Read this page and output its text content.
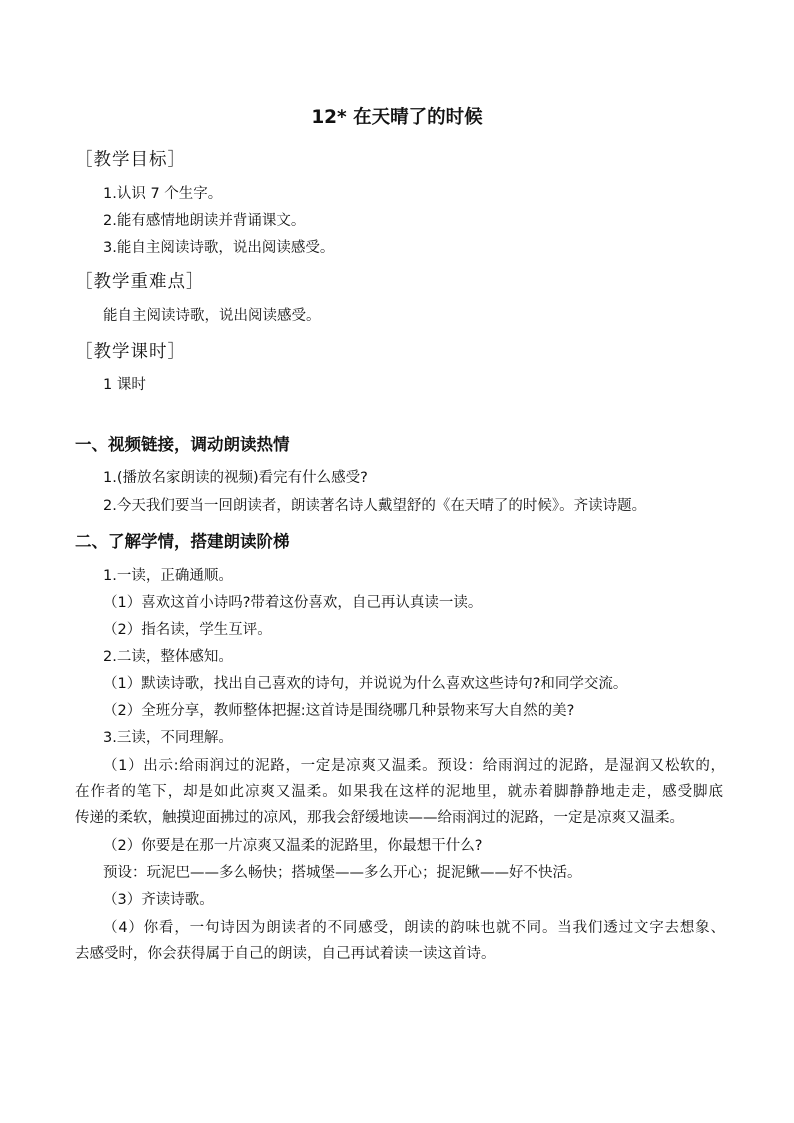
12* 在天晴了的时候
［教学目标］
1.认识 7 个生字。
2.能有感情地朗读并背诵课文。
3.能自主阅读诗歌，说出阅读感受。
［教学重难点］
能自主阅读诗歌，说出阅读感受。
［教学课时］
1 课时
一、视频链接，调动朗读热情
1.(播放名家朗读的视频)看完有什么感受?
2.今天我们要当一回朗读者，朗读著名诗人戴望舒的《在天晴了的时候》。齐读诗题。
二、了解学情，搭建朗读阶梯
1.一读，正确通顺。
（1）喜欢这首小诗吗?带着这份喜欢，自己再认真读一读。
（2）指名读，学生互评。
2.二读，整体感知。
（1）默读诗歌，找出自己喜欢的诗句，并说说为什么喜欢这些诗句?和同学交流。
（2）全班分享，教师整体把握:这首诗是围绕哪几种景物来写大自然的美?
3.三读，不同理解。
（1）出示:给雨润过的泥路，一定是凉爽又温柔。预设：给雨润过的泥路，是湿润又松软的，
在作者的笔下，却是如此凉爽又温柔。如果我在这样的泥地里，就赤着脚静静地走走，感受脚底
传递的柔软，触摸迎面拂过的凉风，那我会舒缓地读——给雨润过的泥路，一定是凉爽又温柔。
（2）你要是在那一片凉爽又温柔的泥路里，你最想干什么?
预设：玩泥巴——多么畅快；搭城堡——多么开心；捉泥鳅——好不快活。
（3）齐读诗歌。
（4）你看，一句诗因为朗读者的不同感受，朗读的韵味也就不同。当我们透过文字去想象、
去感受时，你会获得属于自己的朗读，自己再试着读一读这首诗。
